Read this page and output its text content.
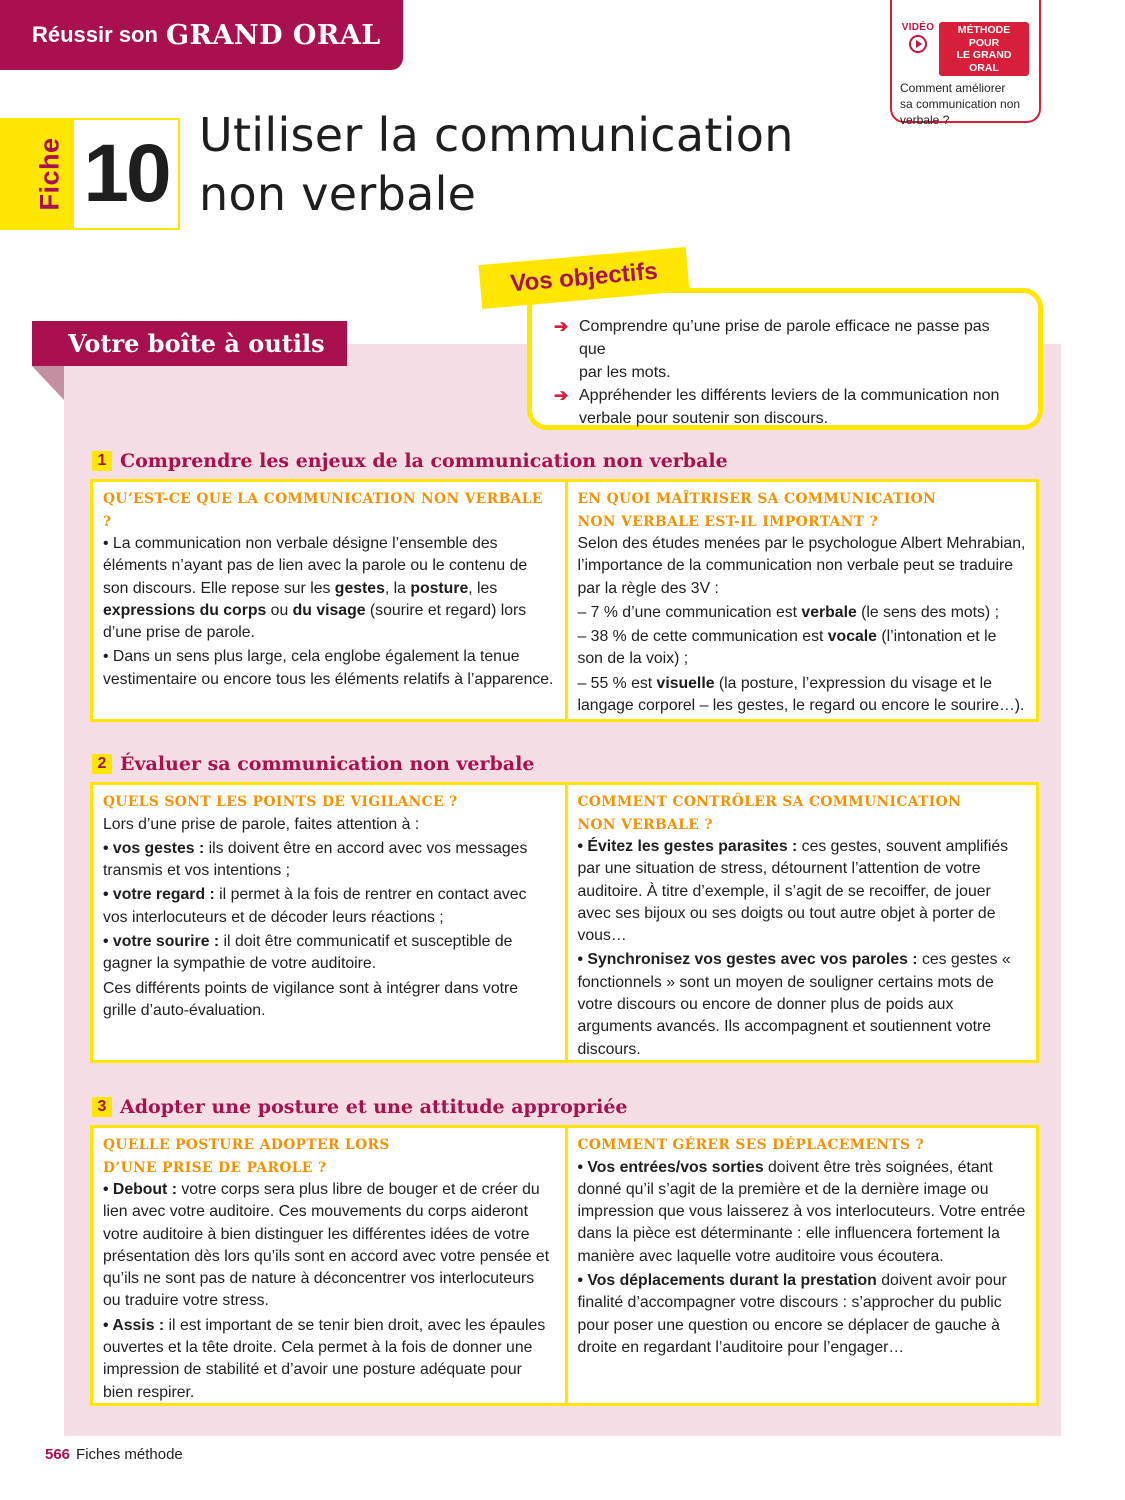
Réussir son GRAND ORAL	VIDÉO	MÉTHODE POUR
LE GRAND ORAL
Comment améliorer
sa communication non
verbale ?
Fiche 10 Utiliser la communication
non verbale
Votre boîte à outils
➔ Comprendre qu’une prise de parole efficace ne passe pas que
par les mots.
➔ Appréhender les différents leviers de la communication non
verbale pour soutenir son discours.
Vos objectifs
1 Comprendre les enjeux de la communication non verbale
QU’EST-CE QUE LA COMMUNICATION NON VERBALE ?

• La communication non verbale désigne l’ensemble des éléments n’ayant pas de lien avec la parole ou le contenu de son discours. Elle repose sur les gestes, la posture, les expressions du corps ou du visage (sourire et regard) lors d’une prise de parole.

• Dans un sens plus large, cela englobe également la tenue vestimentaire ou encore tous les éléments relatifs à l’apparence.

EN QUOI MAÎTRISER SA COMMUNICATION
NON VERBALE EST-IL IMPORTANT ?

Selon des études menées par le psychologue Albert Mehrabian, l’importance de la communication non verbale peut se traduire par la règle des 3V :

– 7 % d’une communication est verbale (le sens des mots) ;

– 38 % de cette communication est vocale (l’intonation et le son de la voix) ;

– 55 % est visuelle (la posture, l’expression du visage et le langage corporel – les gestes, le regard ou encore le sourire…).

2 Évaluer sa communication non verbale
QUELS SONT LES POINTS DE VIGILANCE ?

Lors d’une prise de parole, faites attention à :

• vos gestes : ils doivent être en accord avec vos messages transmis et vos intentions ;

• votre regard : il permet à la fois de rentrer en contact avec vos interlocuteurs et de décoder leurs réactions ;

• votre sourire : il doit être communicatif et susceptible de gagner la sympathie de votre auditoire.

Ces différents points de vigilance sont à intégrer dans votre grille d’auto-évaluation.

COMMENT CONTRÔLER SA COMMUNICATION
NON VERBALE ?

• Évitez les gestes parasites : ces gestes, souvent amplifiés par une situation de stress, détournent l’attention de votre auditoire. À titre d’exemple, il s’agit de se recoiffer, de jouer avec ses bijoux ou ses doigts ou tout autre objet à porter de vous…

• Synchronisez vos gestes avec vos paroles : ces gestes « fonctionnels » sont un moyen de souligner certains mots de votre discours ou encore de donner plus de poids aux arguments avancés. Ils accompagnent et soutiennent votre discours.

3 Adopter une posture et une attitude appropriée
QUELLE POSTURE ADOPTER LORS
D’UNE PRISE DE PAROLE ?

• Debout : votre corps sera plus libre de bouger et de créer du lien avec votre auditoire. Ces mouvements du corps aideront votre auditoire à bien distinguer les différentes idées de votre présentation dès lors qu’ils sont en accord avec votre pensée et qu’ils ne sont pas de nature à déconcentrer vos interlocuteurs ou traduire votre stress.

• Assis : il est important de se tenir bien droit, avec les épaules ouvertes et la tête droite. Cela permet à la fois de donner une impression de stabilité et d’avoir une posture adéquate pour bien respirer.

COMMENT GÉRER SES DÉPLACEMENTS ?

• Vos entrées/vos sorties doivent être très soignées, étant donné qu’il s’agit de la première et de la dernière image ou impression que vous laisserez à vos interlocuteurs. Votre entrée dans la pièce est déterminante : elle influencera fortement la manière avec laquelle votre auditoire vous écoutera.

• Vos déplacements durant la prestation doivent avoir pour finalité d’accompagner votre discours : s’approcher du public pour poser une question ou encore se déplacer de gauche à droite en regardant l’auditoire pour l’engager…

566 Fiches méthode
